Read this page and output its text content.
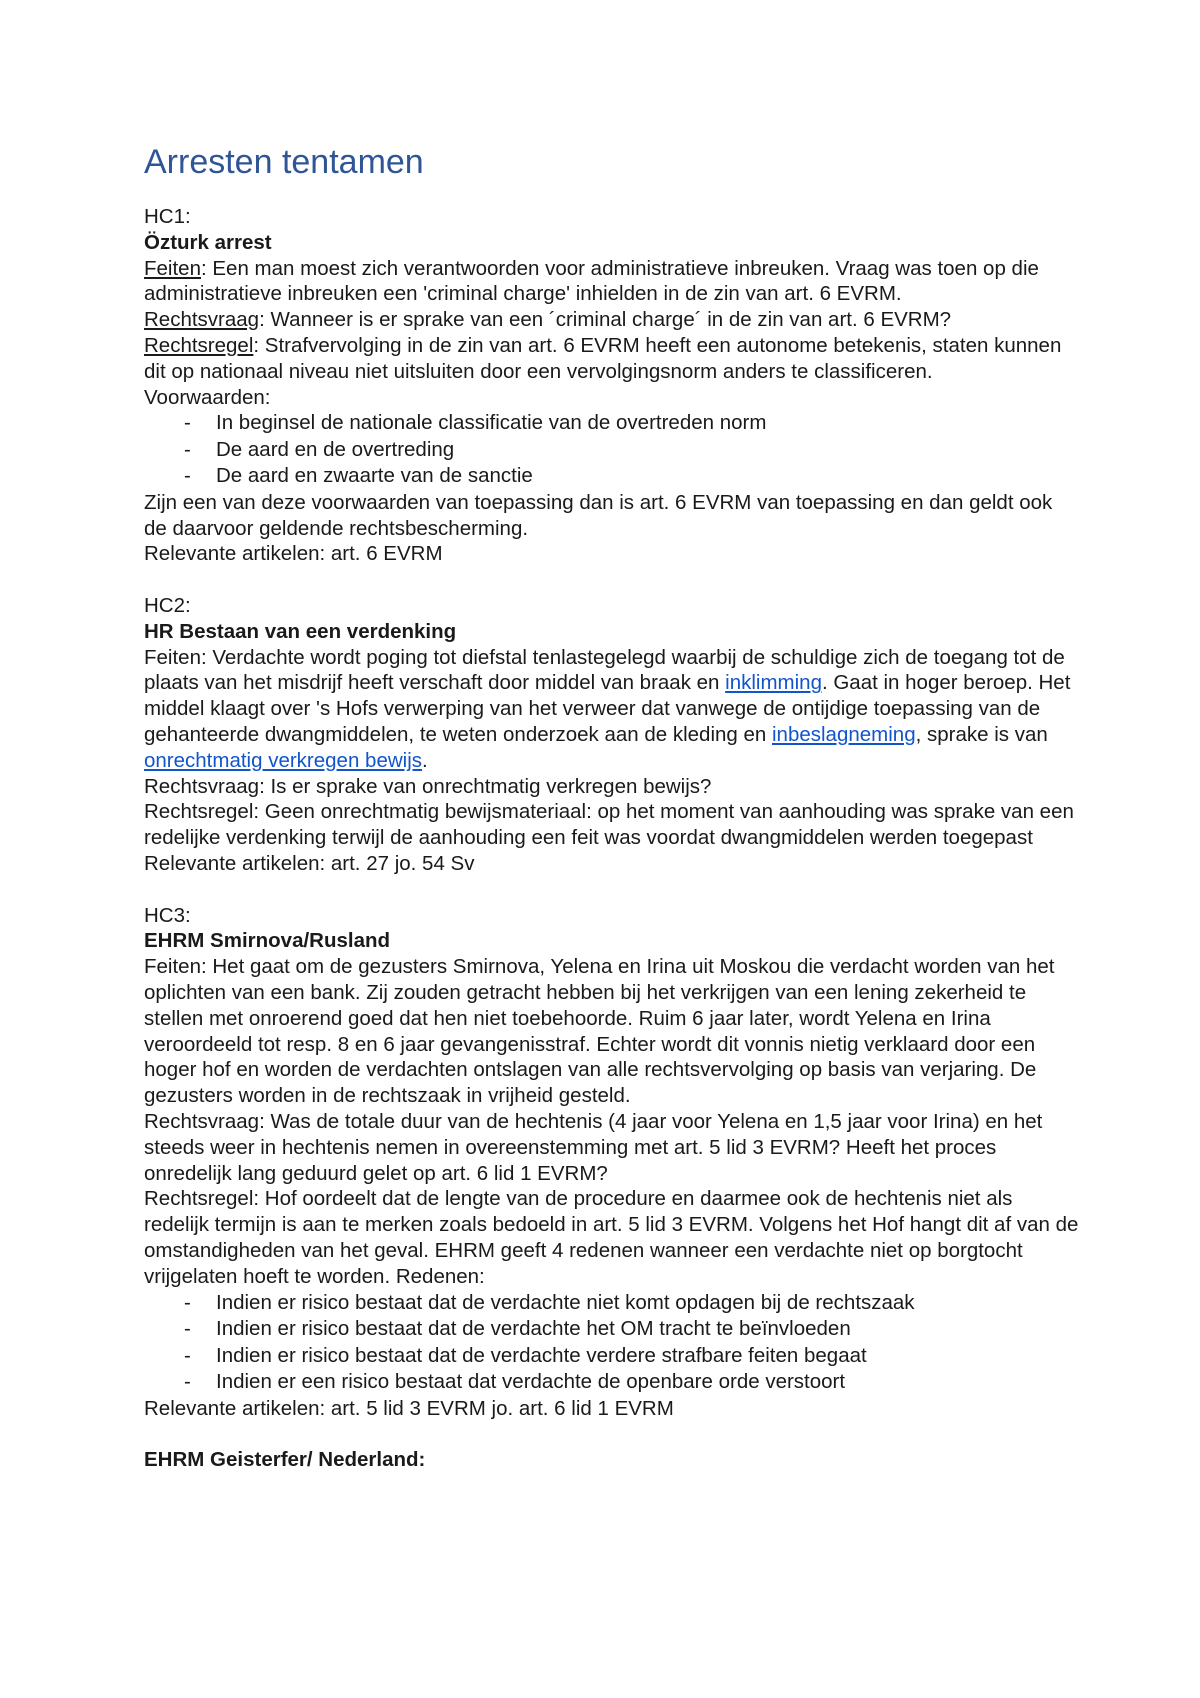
Arresten tentamen

HC1:

Özturk arrest

Feiten: Een man moest zich verantwoorden voor administratieve inbreuken. Vraag was toen op die administratieve inbreuken een 'criminal charge' inhielden in de zin van art. 6 EVRM.

Rechtsvraag: Wanneer is er sprake van een ´criminal charge´ in de zin van art. 6 EVRM?

Rechtsregel: Strafvervolging in de zin van art. 6 EVRM heeft een autonome betekenis, staten kunnen dit op nationaal niveau niet uitsluiten door een vervolgingsnorm anders te classificeren.

Voorwaarden:

- In beginsel de nationale classificatie van de overtreden norm
- De aard en de overtreding
- De aard en zwaarte van de sanctie

Zijn een van deze voorwaarden van toepassing dan is art. 6 EVRM van toepassing en dan geldt ook de daarvoor geldende rechtsbescherming.

Relevante artikelen: art. 6 EVRM

HC2:

HR Bestaan van een verdenking

Feiten: Verdachte wordt poging tot diefstal tenlastegelegd waarbij de schuldige zich de toegang tot de plaats van het misdrijf heeft verschaft door middel van braak en inklimming. Gaat in hoger beroep. Het middel klaagt over 's Hofs verwerping van het verweer dat vanwege de ontijdige toepassing van de gehanteerde dwangmiddelen, te weten onderzoek aan de kleding en inbeslagneming, sprake is van onrechtmatig verkregen bewijs.

Rechtsvraag: Is er sprake van onrechtmatig verkregen bewijs?

Rechtsregel: Geen onrechtmatig bewijsmateriaal: op het moment van aanhouding was sprake van een redelijke verdenking terwijl de aanhouding een feit was voordat dwangmiddelen werden toegepast

Relevante artikelen: art. 27 jo. 54 Sv

HC3:

EHRM Smirnova/Rusland

Feiten: Het gaat om de gezusters Smirnova, Yelena en Irina uit Moskou die verdacht worden van het oplichten van een bank. Zij zouden getracht hebben bij het verkrijgen van een lening zekerheid te stellen met onroerend goed dat hen niet toebehoorde. Ruim 6 jaar later, wordt Yelena en Irina veroordeeld tot resp. 8 en 6 jaar gevangenisstraf. Echter wordt dit vonnis nietig verklaard door een hoger hof en worden de verdachten ontslagen van alle rechtsvervolging op basis van verjaring. De gezusters worden in de rechtszaak in vrijheid gesteld.

Rechtsvraag: Was de totale duur van de hechtenis (4 jaar voor Yelena en 1,5 jaar voor Irina) en het steeds weer in hechtenis nemen in overeenstemming met art. 5 lid 3 EVRM? Heeft het proces onredelijk lang geduurd gelet op art. 6 lid 1 EVRM?

Rechtsregel: Hof oordeelt dat de lengte van de procedure en daarmee ook de hechtenis niet als redelijk termijn is aan te merken zoals bedoeld in art. 5 lid 3 EVRM. Volgens het Hof hangt dit af van de omstandigheden van het geval. EHRM geeft 4 redenen wanneer een verdachte niet op borgtocht vrijgelaten hoeft te worden. Redenen:

- Indien er risico bestaat dat de verdachte niet komt opdagen bij de rechtszaak
- Indien er risico bestaat dat de verdachte het OM tracht te beïnvloeden
- Indien er risico bestaat dat de verdachte verdere strafbare feiten begaat
- Indien er een risico bestaat dat verdachte de openbare orde verstoort

Relevante artikelen: art. 5 lid 3 EVRM jo. art. 6 lid 1 EVRM

EHRM Geisterfer/ Nederland:
